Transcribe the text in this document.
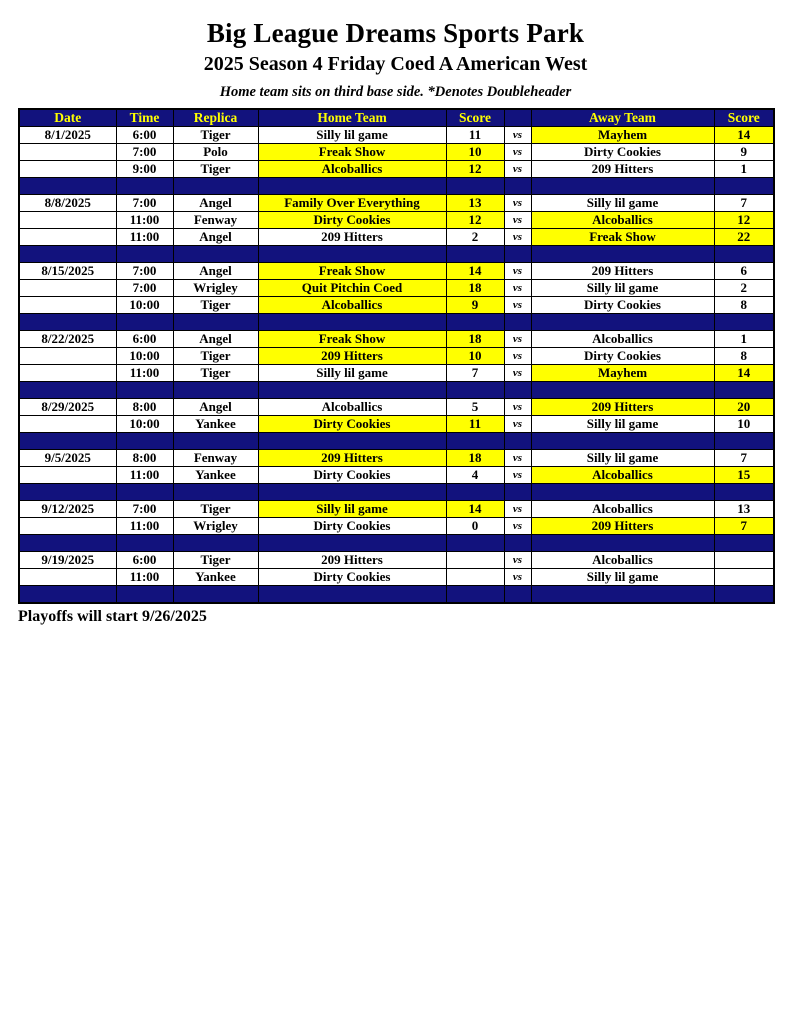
Big League Dreams Sports Park
2025 Season 4 Friday Coed A American West
Home team sits on third base side. *Denotes Doubleheader
Date	Time	Replica	Home Team	Score		Away Team	Score
8/1/2025	6:00	Tiger	Silly lil game	11	vs	Mayhem	14
	7:00	Polo	Freak Show	10	vs	Dirty Cookies	9
	9:00	Tiger	Alcoballics	12	vs	209 Hitters	1

8/8/2025	7:00	Angel	Family Over Everything	13	vs	Silly lil game	7
	11:00	Fenway	Dirty Cookies	12	vs	Alcoballics	12
	11:00	Angel	209 Hitters	2	vs	Freak Show	22

8/15/2025	7:00	Angel	Freak Show	14	vs	209 Hitters	6
	7:00	Wrigley	Quit Pitchin Coed	18	vs	Silly lil game	2
	10:00	Tiger	Alcoballics	9	vs	Dirty Cookies	8

8/22/2025	6:00	Angel	Freak Show	18	vs	Alcoballics	1
	10:00	Tiger	209 Hitters	10	vs	Dirty Cookies	8
	11:00	Tiger	Silly lil game	7	vs	Mayhem	14

8/29/2025	8:00	Angel	Alcoballics	5	vs	209 Hitters	20
	10:00	Yankee	Dirty Cookies	11	vs	Silly lil game	10

9/5/2025	8:00	Fenway	209 Hitters	18	vs	Silly lil game	7
	11:00	Yankee	Dirty Cookies	4	vs	Alcoballics	15

9/12/2025	7:00	Tiger	Silly lil game	14	vs	Alcoballics	13
	11:00	Wrigley	Dirty Cookies	0	vs	209 Hitters	7

9/19/2025	6:00	Tiger	209 Hitters		vs	Alcoballics	
	11:00	Yankee	Dirty Cookies		vs	Silly lil game	

Playoffs will start 9/26/2025
